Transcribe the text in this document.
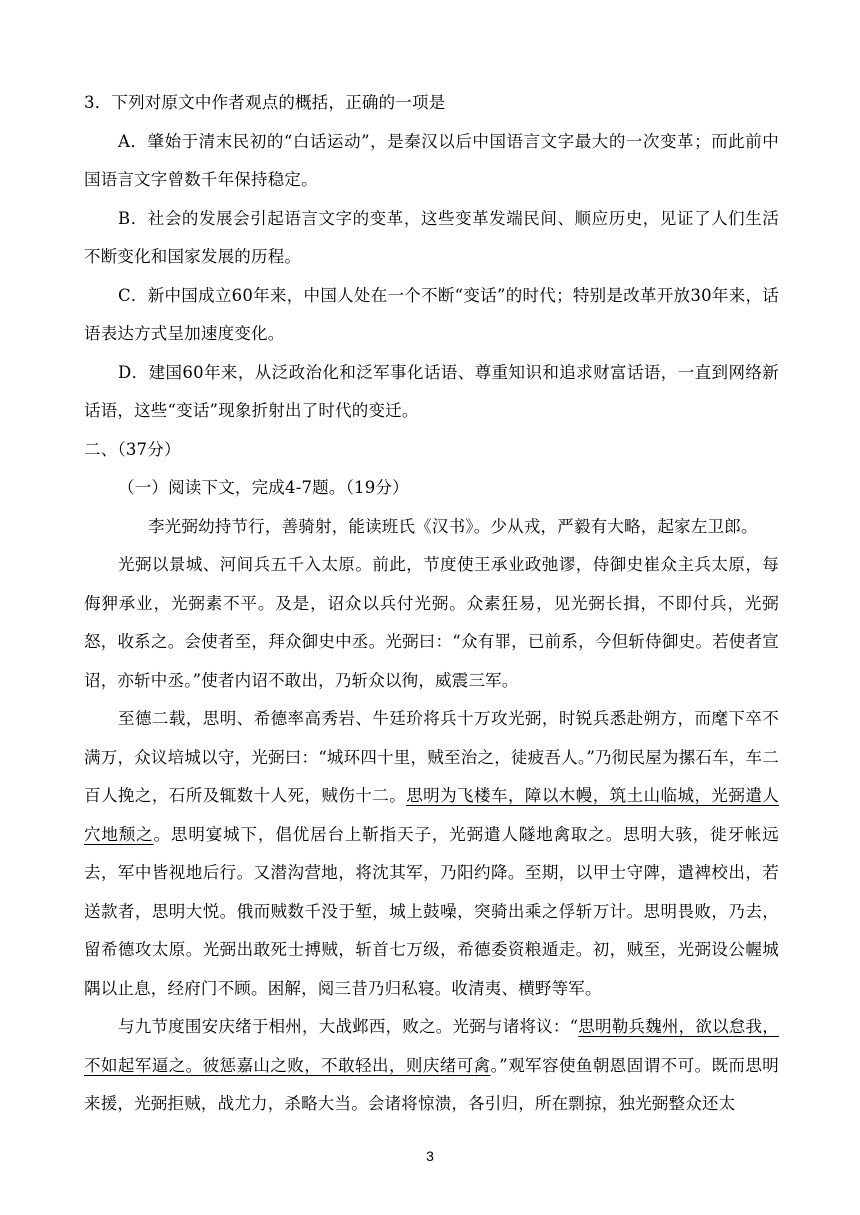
3．下列对原文中作者观点的概括，正确的一项是

A．肇始于清末民初的“白话运动”，是秦汉以后中国语言文字最大的一次变革；而此前中国语言文字曾数千年保持稳定。

B．社会的发展会引起语言文字的变革，这些变革发端民间、顺应历史，见证了人们生活不断变化和国家发展的历程。

C．新中国成立60年来，中国人处在一个不断“变话”的时代；特别是改革开放30年来，话语表达方式呈加速度变化。

D．建国60年来，从泛政治化和泛军事化话语、尊重知识和追求财富话语，一直到网络新话语，这些“变话”现象折射出了时代的变迁。

二、（37分）

（一）阅读下文，完成4-7题。（19分）

李光弼幼持节行，善骑射，能读班氏《汉书》。少从戎，严毅有大略，起家左卫郎。

光弼以景城、河间兵五千入太原。前此，节度使王承业政弛谬，侍御史崔众主兵太原，每侮狎承业，光弼素不平。及是，诏众以兵付光弼。众素狂易，见光弼长揖，不即付兵，光弼怒，收系之。会使者至，拜众御史中丞。光弼曰：“众有罪，已前系，今但斩侍御史。若使者宣诏，亦斩中丞。”使者内诏不敢出，乃斩众以徇，威震三军。

至德二载，思明、希德率高秀岩、牛廷玠将兵十万攻光弼，时锐兵悉赴朔方，而麾下卒不满万，众议培城以守，光弼曰：“城环四十里，贼至治之，徒疲吾人。”乃彻民屋为摞石车，车二百人挽之，石所及辄数十人死，贼伤十二。思明为飞楼车，障以木幔，筑土山临城，光弼遣人穴地颓之。思明宴城下，倡优居台上靳指天子，光弼遣人隧地禽取之。思明大骇，徙牙帐远去，军中皆视地后行。又潜沟营地，将沈其军，乃阳约降。至期，以甲士守陴，遣裨校出，若送款者，思明大悦。俄而贼数千没于堑，城上鼓噪，突骑出乘之俘斩万计。思明畏败，乃去，留希德攻太原。光弼出敢死士搏贼，斩首七万级，希德委资粮遁走。初，贼至，光弼设公幄城隅以止息，经府门不顾。困解，阅三昔乃归私寝。收清夷、横野等军。

与九节度围安庆绪于相州，大战邺西，败之。光弼与诸将议：“思明勒兵魏州，欲以怠我，不如起军逼之。彼惩嘉山之败，不敢轻出，则庆绪可禽。”观军容使鱼朝恩固谓不可。既而思明来援，光弼拒贼，战尤力，杀略大当。会诸将惊溃，各引归，所在剽掠，独光弼整众还太

3
